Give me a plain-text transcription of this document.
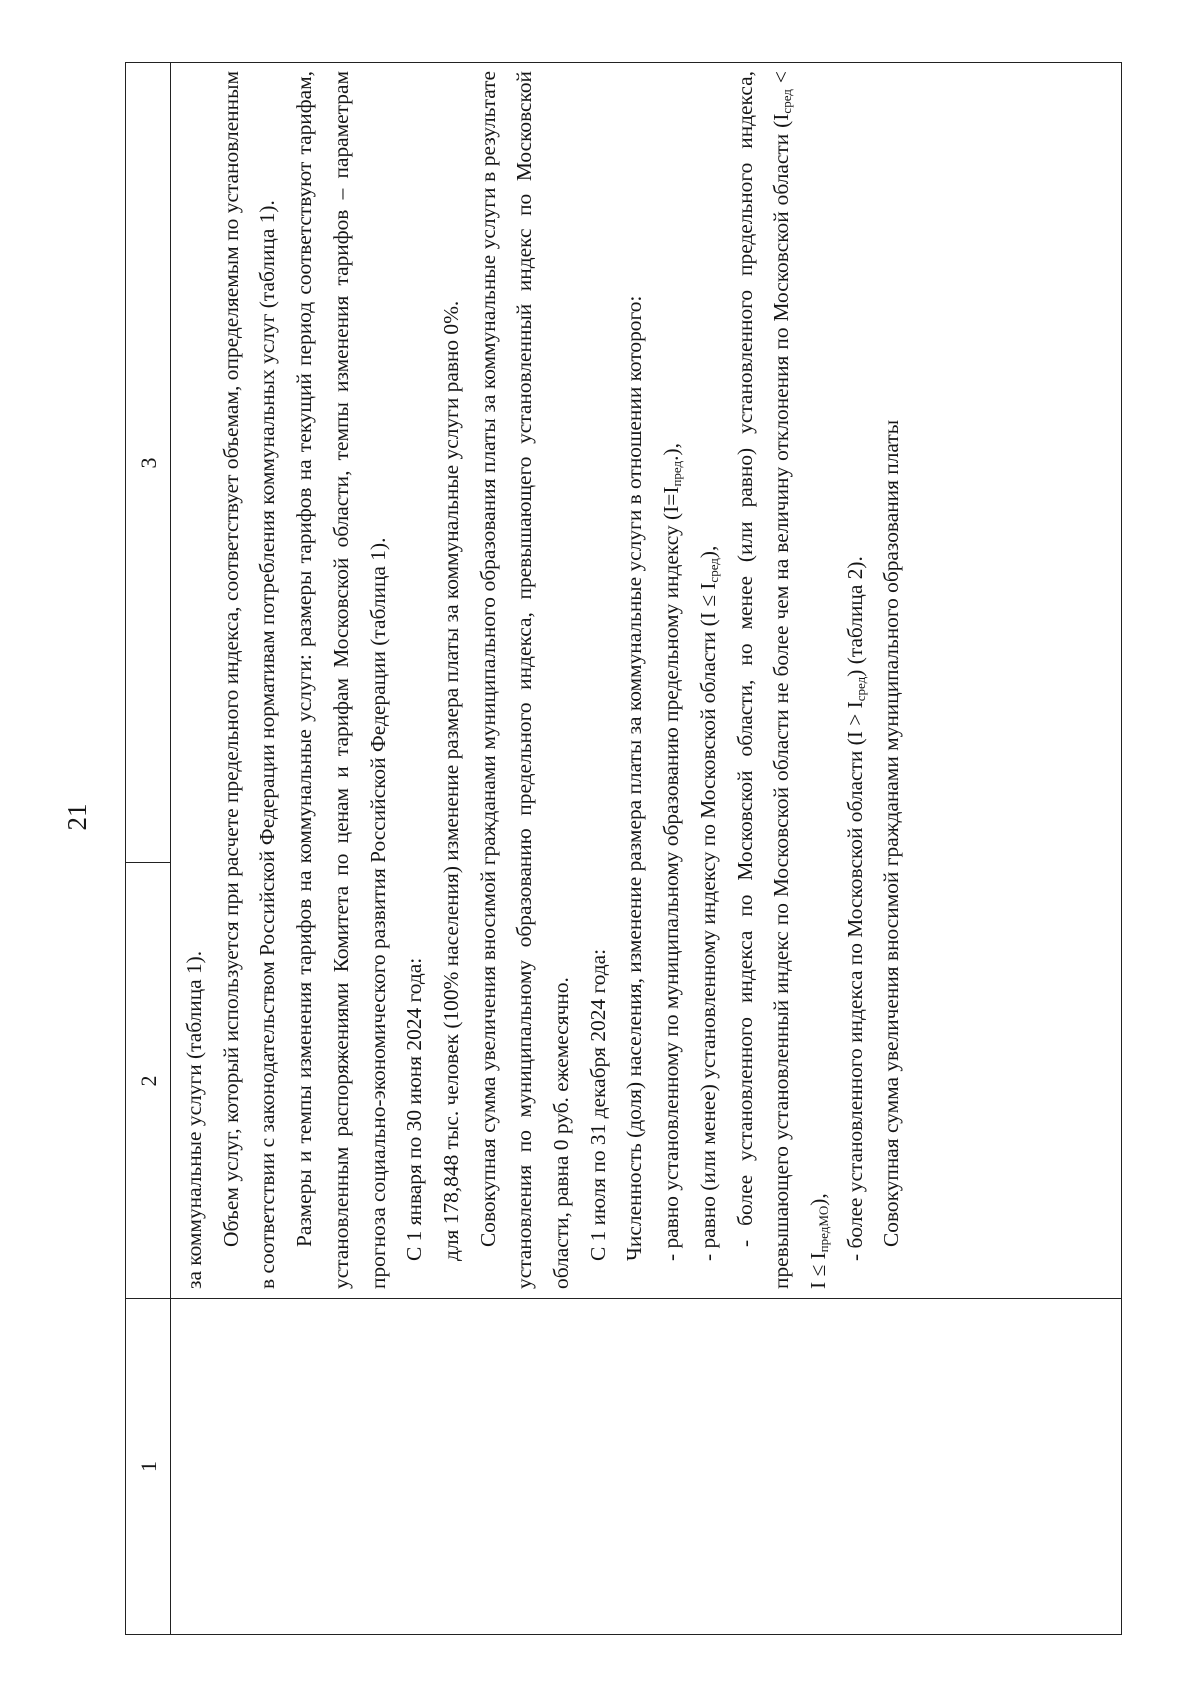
21
1
2
3

за коммунальные услуги (таблица 1). Объем услуг, который используется при расчете предельного индекса, соответствует объемам, определяемым по установленным в соответствии с законодательством Российской Федерации нормативам потребления коммунальных услуг (таблица 1). Размеры и темпы изменения тарифов на коммунальные услуги: размеры тарифов на текущий период соответствуют тарифам, установленным распоряжениями Комитета по ценам и тарифам Московской области, темпы изменения тарифов – параметрам прогноза социально-экономического развития Российской Федерации (таблица 1). С 1 января по 30 июня 2024 года: для 178,848 тыс. человек (100% населения) изменение размера платы за коммунальные услуги равно 0%. Совокупная сумма увеличения вносимой гражданами муниципального образования платы за коммунальные услуги в результате установления по муниципальному образованию предельного индекса, превышающего установленный индекс по Московской области, равна 0 руб. ежемесячно. С 1 июля по 31 декабря 2024 года: Численность (доля) населения, изменение размера платы за коммунальные услуги в отношении которого: - равно установленному по муниципальному образованию предельному индексу $(I=I_{пред}.)$,

- равно (или менее) установленному индексу по Московской области $(I \le I_{сред})$, - более установленного индекса по Московской области, но менее (или равно) установленного предельного индекса, превышающего установленный индекс по Московской области не более чем на величину отклонения по Московской области $(I_{сред} < I \le I_{предМО})$, - более установленного индекса по Московской области $(I > I_{сред})$ (таблица 2). Совокупная сумма увеличения вносимой гражданами муниципального образования платы
